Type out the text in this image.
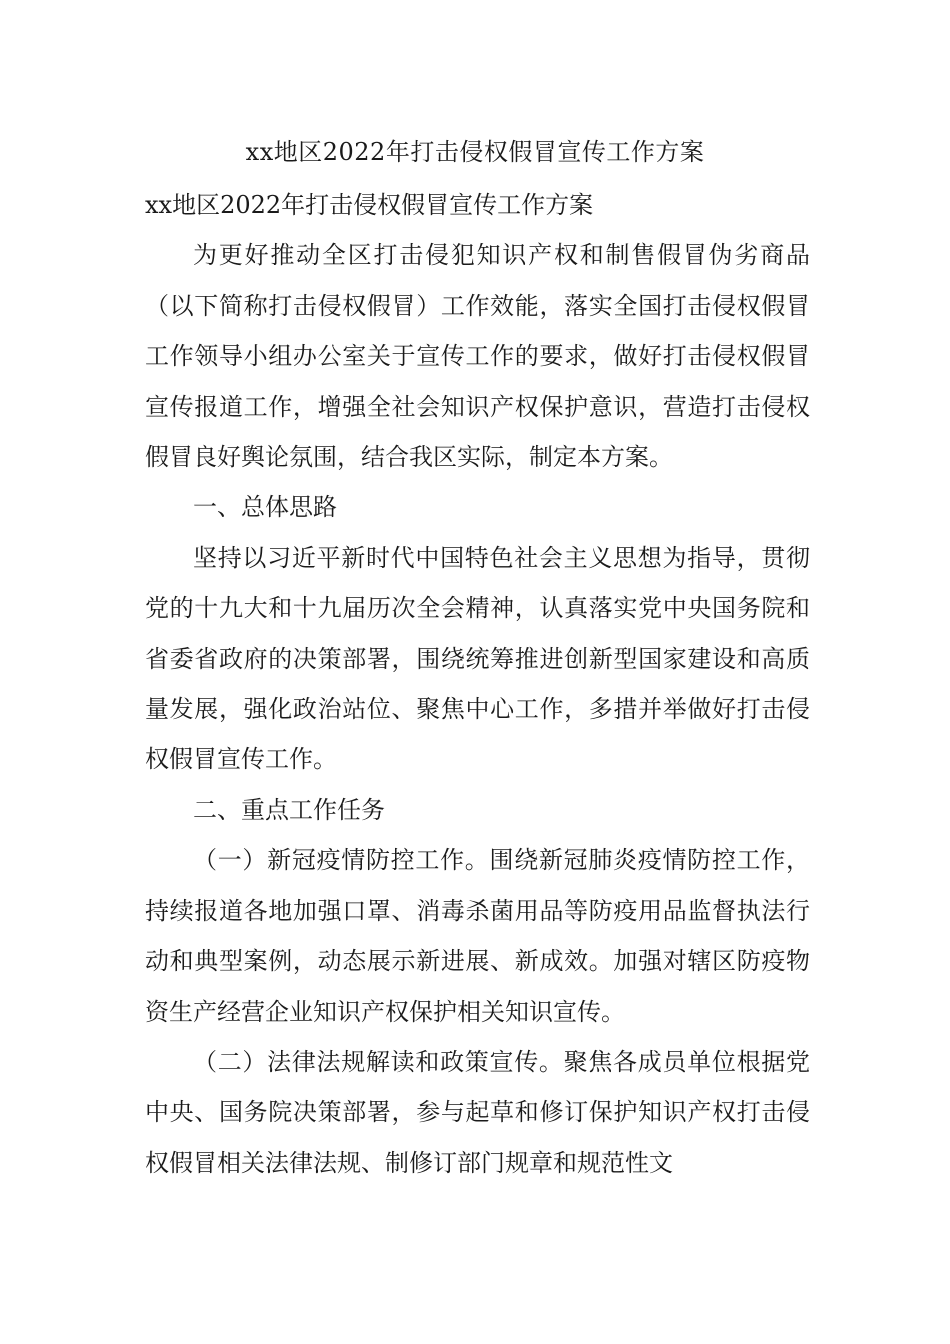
xx地区2022年打击侵权假冒宣传工作方案

xx地区2022年打击侵权假冒宣传工作方案

为更好推动全区打击侵犯知识产权和制售假冒伪劣商品（以下简称打击侵权假冒）工作效能，落实全国打击侵权假冒工作领导小组办公室关于宣传工作的要求，做好打击侵权假冒宣传报道工作，增强全社会知识产权保护意识，营造打击侵权假冒良好舆论氛围，结合我区实际，制定本方案。

一、总体思路

坚持以习近平新时代中国特色社会主义思想为指导，贯彻党的十九大和十九届历次全会精神，认真落实党中央国务院和省委省政府的决策部署，围绕统筹推进创新型国家建设和高质量发展，强化政治站位、聚焦中心工作，多措并举做好打击侵权假冒宣传工作。

二、重点工作任务

（一）新冠疫情防控工作。围绕新冠肺炎疫情防控工作，持续报道各地加强口罩、消毒杀菌用品等防疫用品监督执法行动和典型案例，动态展示新进展、新成效。加强对辖区防疫物资生产经营企业知识产权保护相关知识宣传。

（二）法律法规解读和政策宣传。聚焦各成员单位根据党中央、国务院决策部署，参与起草和修订保护知识产权打击侵权假冒相关法律法规、制修订部门规章和规范性文
